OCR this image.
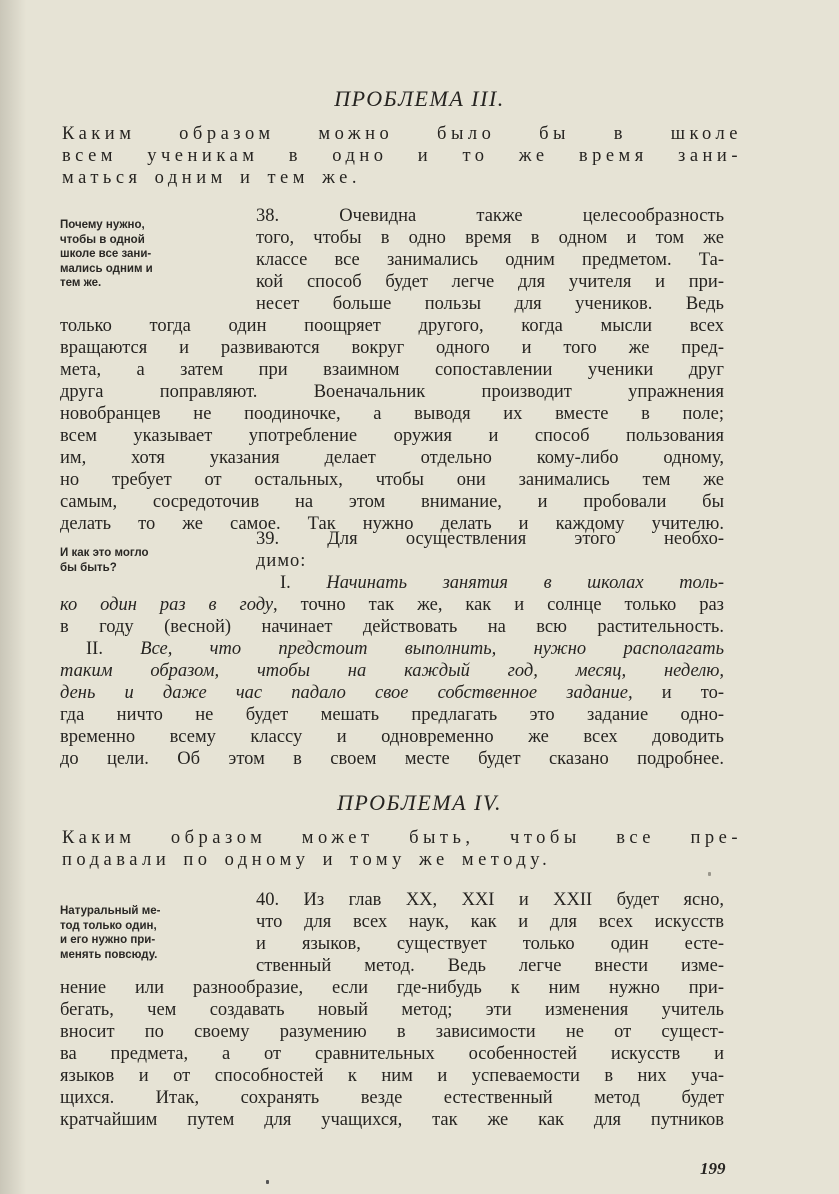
ПРОБЛЕМА III.
Каким образом можно было бы в школе
всем ученикам в одно и то же время зани-
маться одним и тем же.
Почему нужно,
чтобы в одной
школе все зани-
мались одним и
тем же.
38. Очевидна также целесообразность
того, чтобы в одно время в одном и том же
классе все занимались одним предметом. Та-
кой способ будет легче для учителя и при-
несет больше пользы для учеников. Ведь
только тогда один поощряет другого, когда мысли всех
вращаются и развиваются вокруг одного и того же пред-
мета, а затем при взаимном сопоставлении ученики друг
друга поправляют. Военачальник производит упражнения
новобранцев не поодиночке, а выводя их вместе в поле;
всем указывает употребление оружия и способ пользования
им, хотя указания делает отдельно кому-либо одному,
но требует от остальных, чтобы они занимались тем же
самым, сосредоточив на этом внимание, и пробовали бы
делать то же самое. Так нужно делать и каждому учителю.
И как это могло
бы быть?
39. Для осуществления этого необхо-
димо:
I. Начинать занятия в школах толь-
ко один раз в году, точно так же, как и солнце только раз
в году (весной) начинает действовать на всю растительность.
II. Все, что предстоит выполнить, нужно располагать
таким образом, чтобы на каждый год, месяц, неделю,
день и даже час падало свое собственное задание, и то-
гда ничто не будет мешать предлагать это задание одно-
временно всему классу и одновременно же всех доводить
до цели. Об этом в своем месте будет сказано подробнее.
ПРОБЛЕМА IV.
Каким образом может быть, чтобы все пре-
подавали по одному и тому же методу.
Натуральный ме-
тод только один,
и его нужно при-
менять повсюду.
40. Из глав XX, XXI и XXII будет ясно,
что для всех наук, как и для всех искусств
и языков, существует только один есте-
ственный метод. Ведь легче внести изме-
нение или разнообразие, если где-нибудь к ним нужно при-
бегать, чем создавать новый метод; эти изменения учитель
вносит по своему разумению в зависимости не от сущест-
ва предмета, а от сравнительных особенностей искусств и
языков и от способностей к ним и успеваемости в них уча-
щихся. Итак, сохранять везде естественный метод будет
кратчайшим путем для учащихся, так же как для путников
199
